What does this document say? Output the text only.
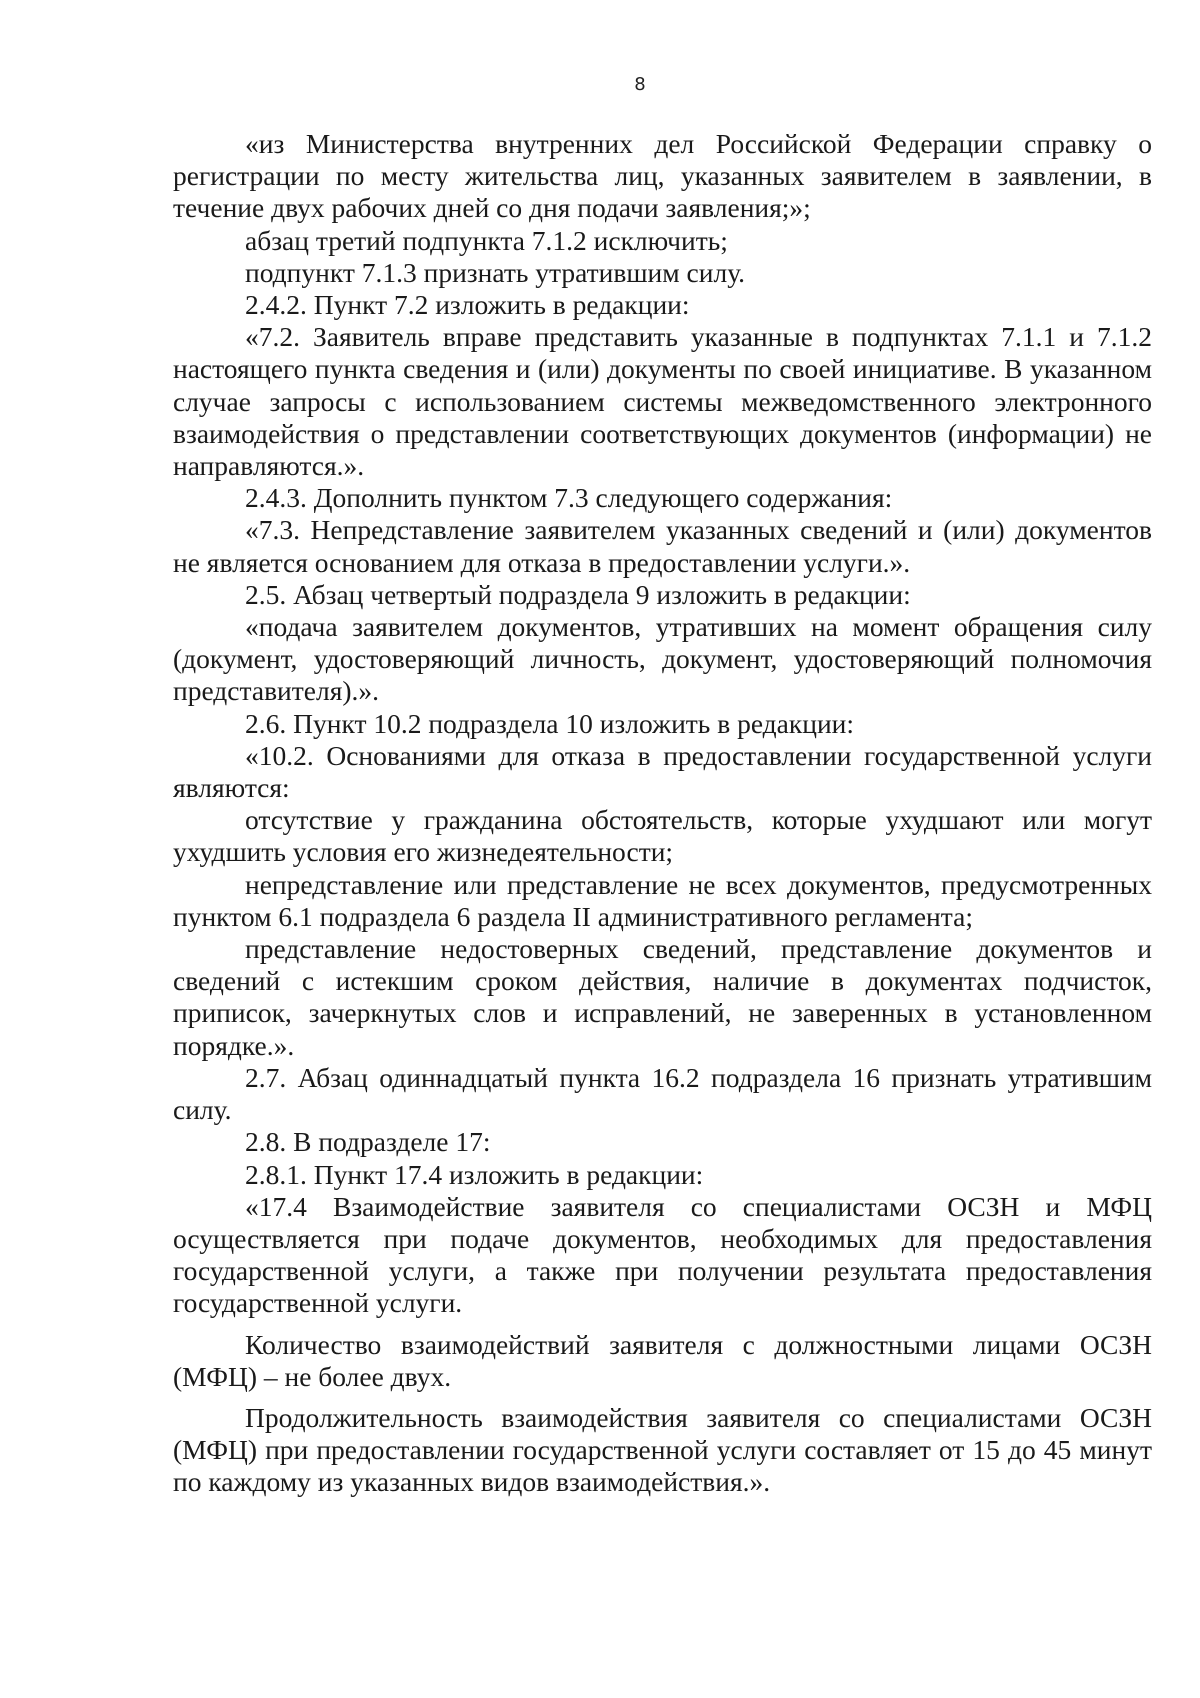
8

«из Министерства внутренних дел Российской Федерации справку о регистрации по месту жительства лиц, указанных заявителем в заявлении, в течение двух рабочих дней со дня подачи заявления;»;

абзац третий подпункта 7.1.2 исключить;

подпункт 7.1.3 признать утратившим силу.

2.4.2. Пункт 7.2 изложить в редакции:

«7.2. Заявитель вправе представить указанные в подпунктах 7.1.1 и 7.1.2 настоящего пункта сведения и (или) документы по своей инициативе. В указанном случае запросы с использованием системы межведомственного электронного взаимодействия о представлении соответствующих документов (информации) не направляются.».

2.4.3. Дополнить пунктом 7.3 следующего содержания:

«7.3. Непредставление заявителем указанных сведений и (или) документов не является основанием для отказа в предоставлении услуги.».

2.5. Абзац четвертый подраздела 9 изложить в редакции:

«подача заявителем документов, утративших на момент обращения силу (документ, удостоверяющий личность, документ, удостоверяющий полномочия представителя).».

2.6. Пункт 10.2 подраздела 10 изложить в редакции:

«10.2. Основаниями для отказа в предоставлении государственной услуги являются:

отсутствие у гражданина обстоятельств, которые ухудшают или могут ухудшить условия его жизнедеятельности;

непредставление или представление не всех документов, предусмотренных пунктом 6.1 подраздела 6 раздела II административного регламента;

представление недостоверных сведений, представление документов и сведений с истекшим сроком действия, наличие в документах подчисток, приписок, зачеркнутых слов и исправлений, не заверенных в установленном порядке.».

2.7. Абзац одиннадцатый пункта 16.2 подраздела 16 признать утратившим силу.

2.8. В подразделе 17:

2.8.1. Пункт 17.4 изложить в редакции:

«17.4 Взаимодействие заявителя со специалистами ОСЗН и МФЦ осуществляется при подаче документов, необходимых для предоставления государственной услуги, а также при получении результата предоставления государственной услуги.

Количество взаимодействий заявителя с должностными лицами ОСЗН (МФЦ) – не более двух.

Продолжительность взаимодействия заявителя со специалистами ОСЗН (МФЦ) при предоставлении государственной услуги составляет от 15 до 45 минут по каждому из указанных видов взаимодействия.».
